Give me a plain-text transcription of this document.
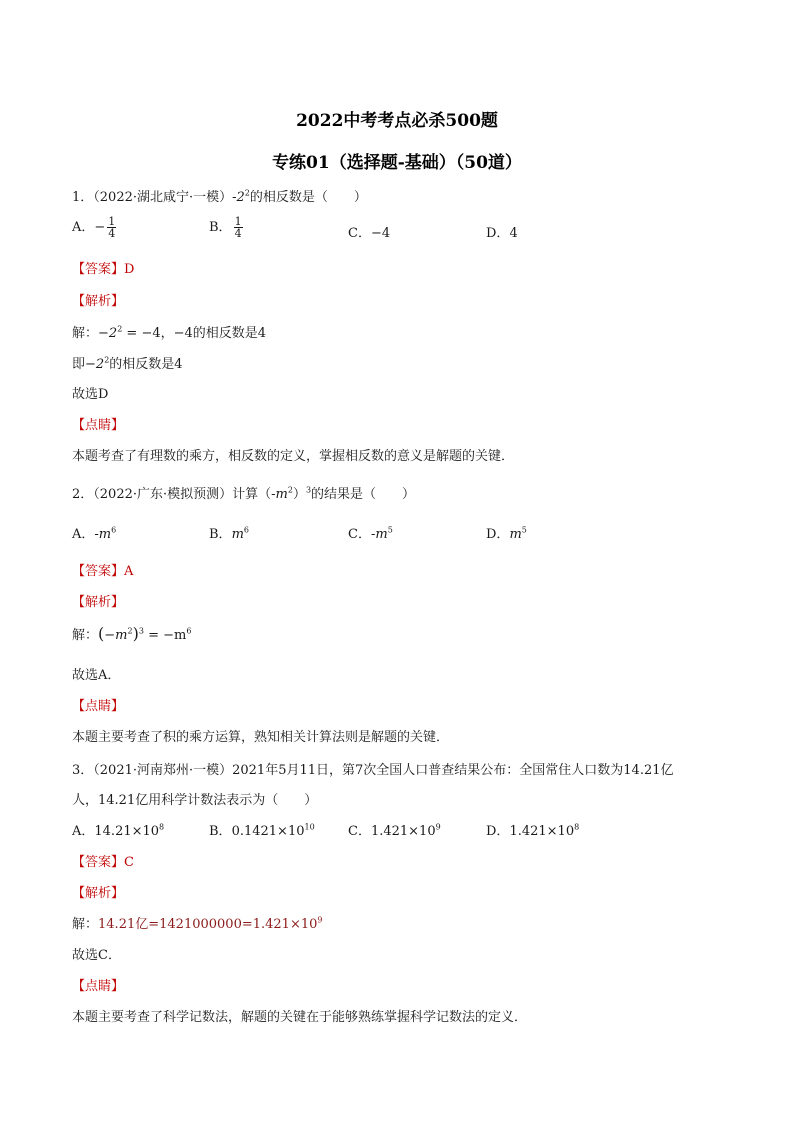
2022中考考点必杀500题
专练01（选择题-基础）（50道）
1．（2022·湖北咸宁·一模）$-2^2$的相反数是（　　）
A．− $\frac{1}{4}$	B． $\frac{1}{4}$	C．−4	D．4
【答案】D
【解析】
解：$-2^2 = -4$，−4的相反数是4
即$-2^2$的相反数是4
故选D
【点睛】
本题考查了有理数的乘方，相反数的定义，掌握相反数的意义是解题的关键．
2．（2022·广东·模拟预测）计算$(-m^2)^3$的结果是（　　）
A．$-m^6$	B．$m^6$	C．$-m^5$	D．$m^5$
【答案】A
【解析】
解：$(-m^2)^3 = -m^6$
故选A．
【点睛】
本题主要考查了积的乘方运算，熟知相关计算法则是解题的关键．
3．（2021·河南郑州·一模）2021年5月11日，第7次全国人口普查结果公布：全国常住人口数为14.21亿
人，14.21亿用科学计数法表示为（　　）
A．$14.21\times 10^8$	B．$0.1421\times 10^{10}$	C．$1.421\times 10^9$	D．$1.421\times 10^8$
【答案】C
【解析】
解：14.21亿$=1421000000=1.421\times 10^9$
故选C．
【点睛】
本题主要考查了科学记数法，解题的关键在于能够熟练掌握科学记数法的定义．
